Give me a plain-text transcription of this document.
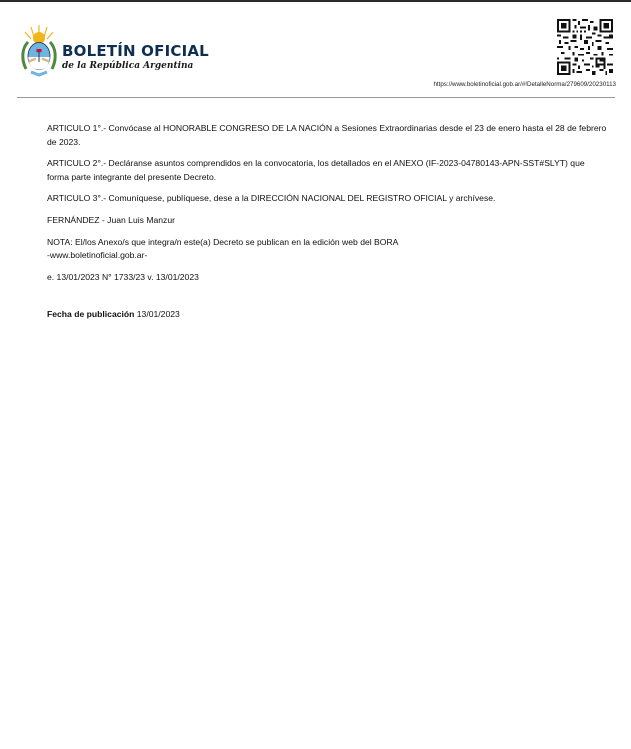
BOLETÍN OFICIAL
de la República Argentina
https://www.boletinoficial.gob.ar/#!DetalleNorma/279609/20230113

ARTICULO 1°.- Convócase al HONORABLE CONGRESO DE LA NACIÓN a Sesiones Extraordinarias desde el 23 de enero hasta el 28 de febrero de 2023.

ARTICULO 2°.- Decláranse asuntos comprendidos en la convocatoria, los detallados en el ANEXO (IF-2023-04780143-APN-SST#SLYT) que forma parte integrante del presente Decreto.

ARTICULO 3°.- Comuníquese, publíquese, dese a la DIRECCIÓN NACIONAL DEL REGISTRO OFICIAL y archívese.

FERNÁNDEZ - Juan Luis Manzur

NOTA: El/los Anexo/s que integra/n este(a) Decreto se publican en la edición web del BORA
-www.boletinoficial.gob.ar-

e. 13/01/2023 N° 1733/23 v. 13/01/2023

Fecha de publicación 13/01/2023
